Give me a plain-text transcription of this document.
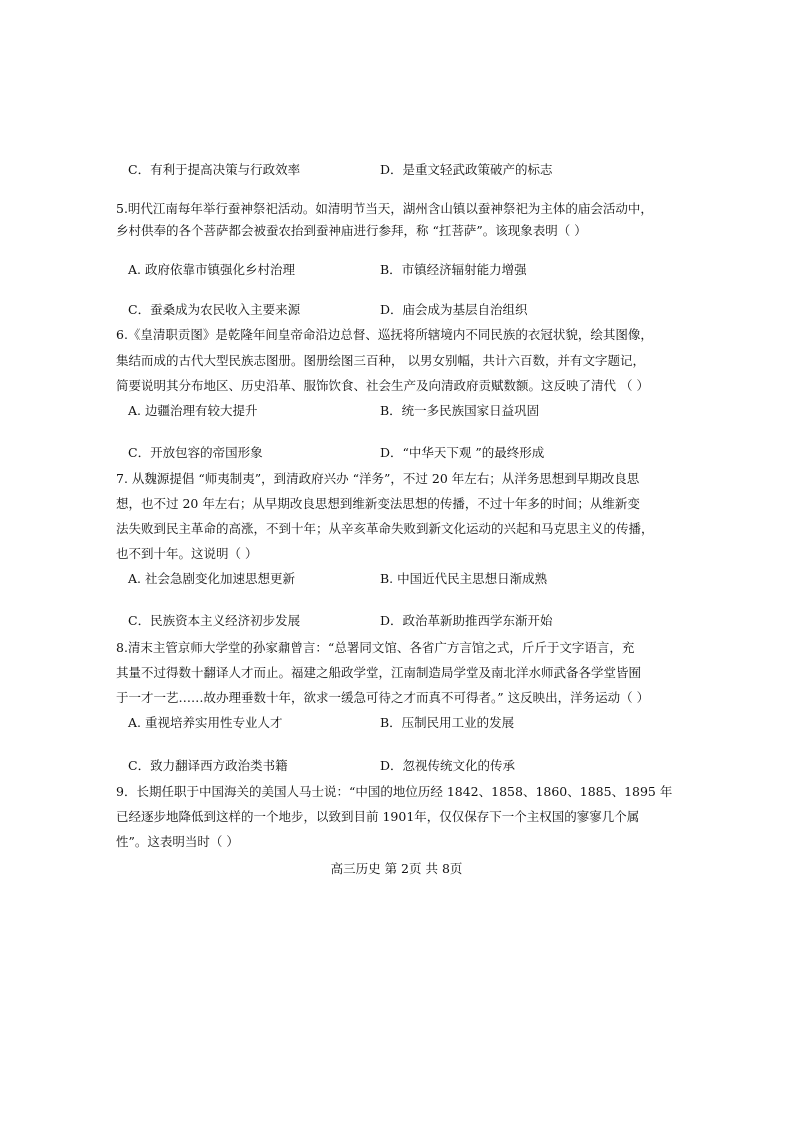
C．有利于提高决策与行政效率	D．是重文轻武政策破产的标志
5.明代江南每年举行蚕神祭祀活动。如清明节当天，湖州含山镇以蚕神祭祀为主体的庙会活动中，
乡村供奉的各个菩萨都会被蚕农抬到蚕神庙进行参拜，称 “扛菩萨”。该现象表明（ ）
A. 政府依靠市镇强化乡村治理	B．市镇经济辐射能力增强
C．蚕桑成为农民收入主要来源	D．庙会成为基层自治组织
6.《皇清职贡图》是乾隆年间皇帝命沿边总督、巡抚将所辖境内不同民族的衣冠状貌，绘其图像，
集结而成的古代大型民族志图册。图册绘图三百种， 以男女别幅，共计六百数，并有文字题记，
简要说明其分布地区、历史沿革、服饰饮食、社会生产及向清政府贡赋数额。这反映了清代 （ ）
A. 边疆治理有较大提升	B．统一多民族国家日益巩固
C．开放包容的帝国形象	D．“中华天下观 ”的最终形成
7. 从魏源提倡 “师夷制夷”，到清政府兴办 “洋务”，不过 20 年左右；从洋务思想到早期改良思
想，也不过 20 年左右；从早期改良思想到维新变法思想的传播，不过十年多的时间；从维新变
法失败到民主革命的高涨，不到十年；从辛亥革命失败到新文化运动的兴起和马克思主义的传播，
也不到十年。这说明（ ）
A. 社会急剧变化加速思想更新	B. 中国近代民主思想日渐成熟
C．民族资本主义经济初步发展	D．政治革新助推西学东渐开始
8.清末主管京师大学堂的孙家鼐曾言：“总署同文馆、各省广方言馆之式，斤斤于文字语言，充
其量不过得数十翻译人才而止。福建之船政学堂，江南制造局学堂及南北洋水师武备各学堂皆囿
于一才一艺……故办理垂数十年，欲求一缓急可待之才而真不可得者。” 这反映出，洋务运动（ ）
A. 重视培养实用性专业人才	B．压制民用工业的发展
C．致力翻译西方政治类书籍	D．忽视传统文化的传承
9．长期任职于中国海关的美国人马士说：“中国的地位历经 1842、1858、1860、1885、1895 年
已经逐步地降低到这样的一个地步，以致到目前 1901年，仅仅保存下一个主权国的寥寥几个属
性”。这表明当时（ ）
高三历史 第 2页 共 8页
